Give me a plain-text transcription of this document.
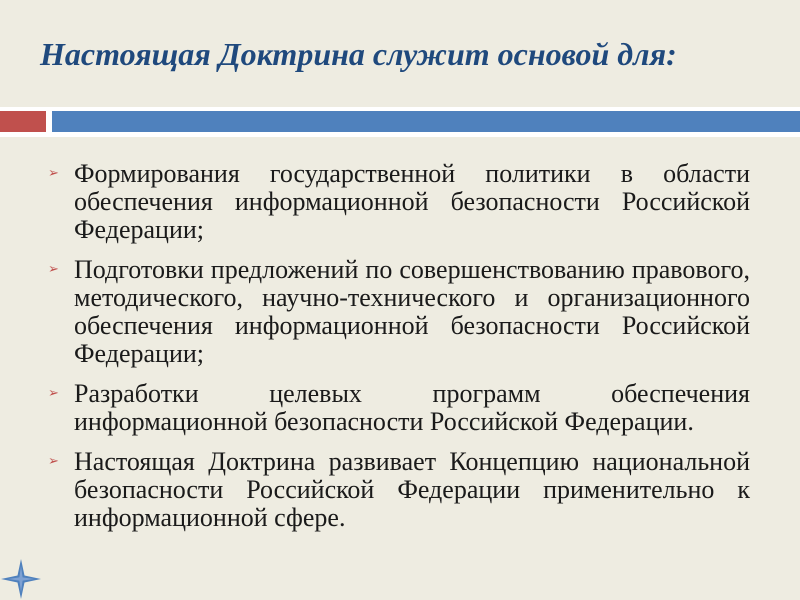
Настоящая Доктрина служит основой для:
➢ Формирования государственной политики в области обеспечения информационной безопасности Российской Федерации;
➢ Подготовки предложений по совершенствованию правового, методического, научно-технического и организационного обеспечения информационной безопасности Российской Федерации;
➢ Разработки целевых программ обеспечения информационной безопасности Российской Федерации.
➢ Настоящая Доктрина развивает Концепцию национальной безопасности Российской Федерации применительно к информационной сфере.
